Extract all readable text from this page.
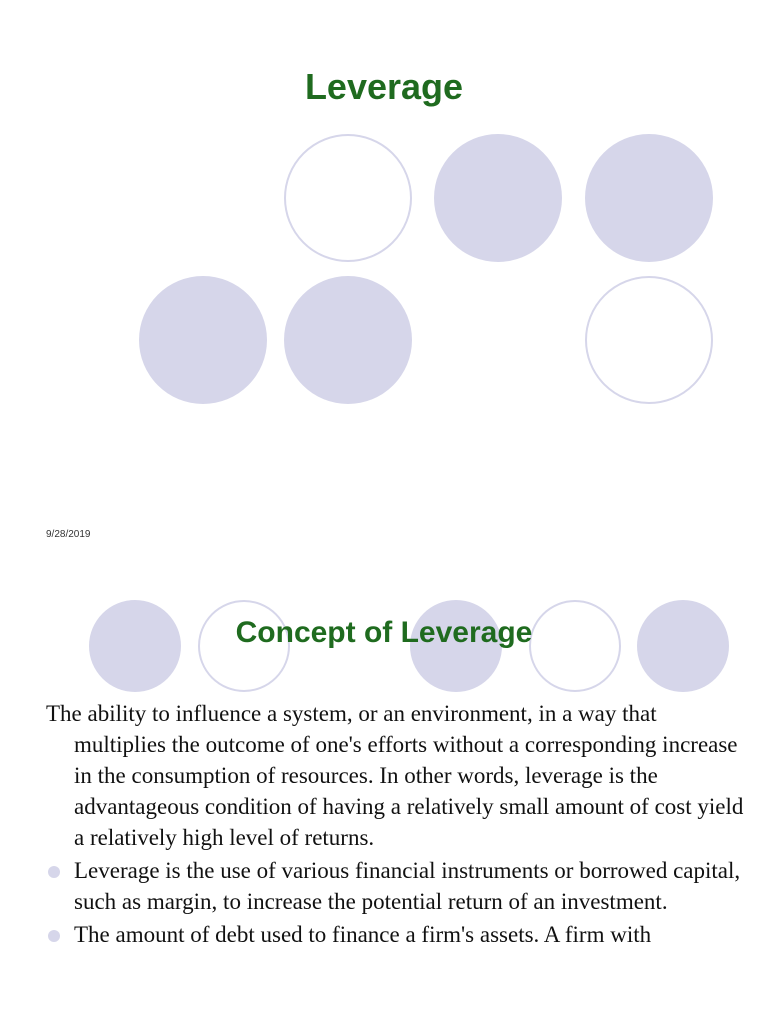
Leverage
9/28/2019
Concept of Leverage

The ability to influence a system, or an environment, in a way that multiplies the outcome of one's efforts without a corresponding increase in the consumption of resources. In other words, leverage is the advantageous condition of having a relatively small amount of cost yield a relatively high level of returns.

Leverage is the use of various financial instruments or borrowed capital, such as margin, to increase the potential return of an investment.
The amount of debt used to finance a firm's assets. A firm with
